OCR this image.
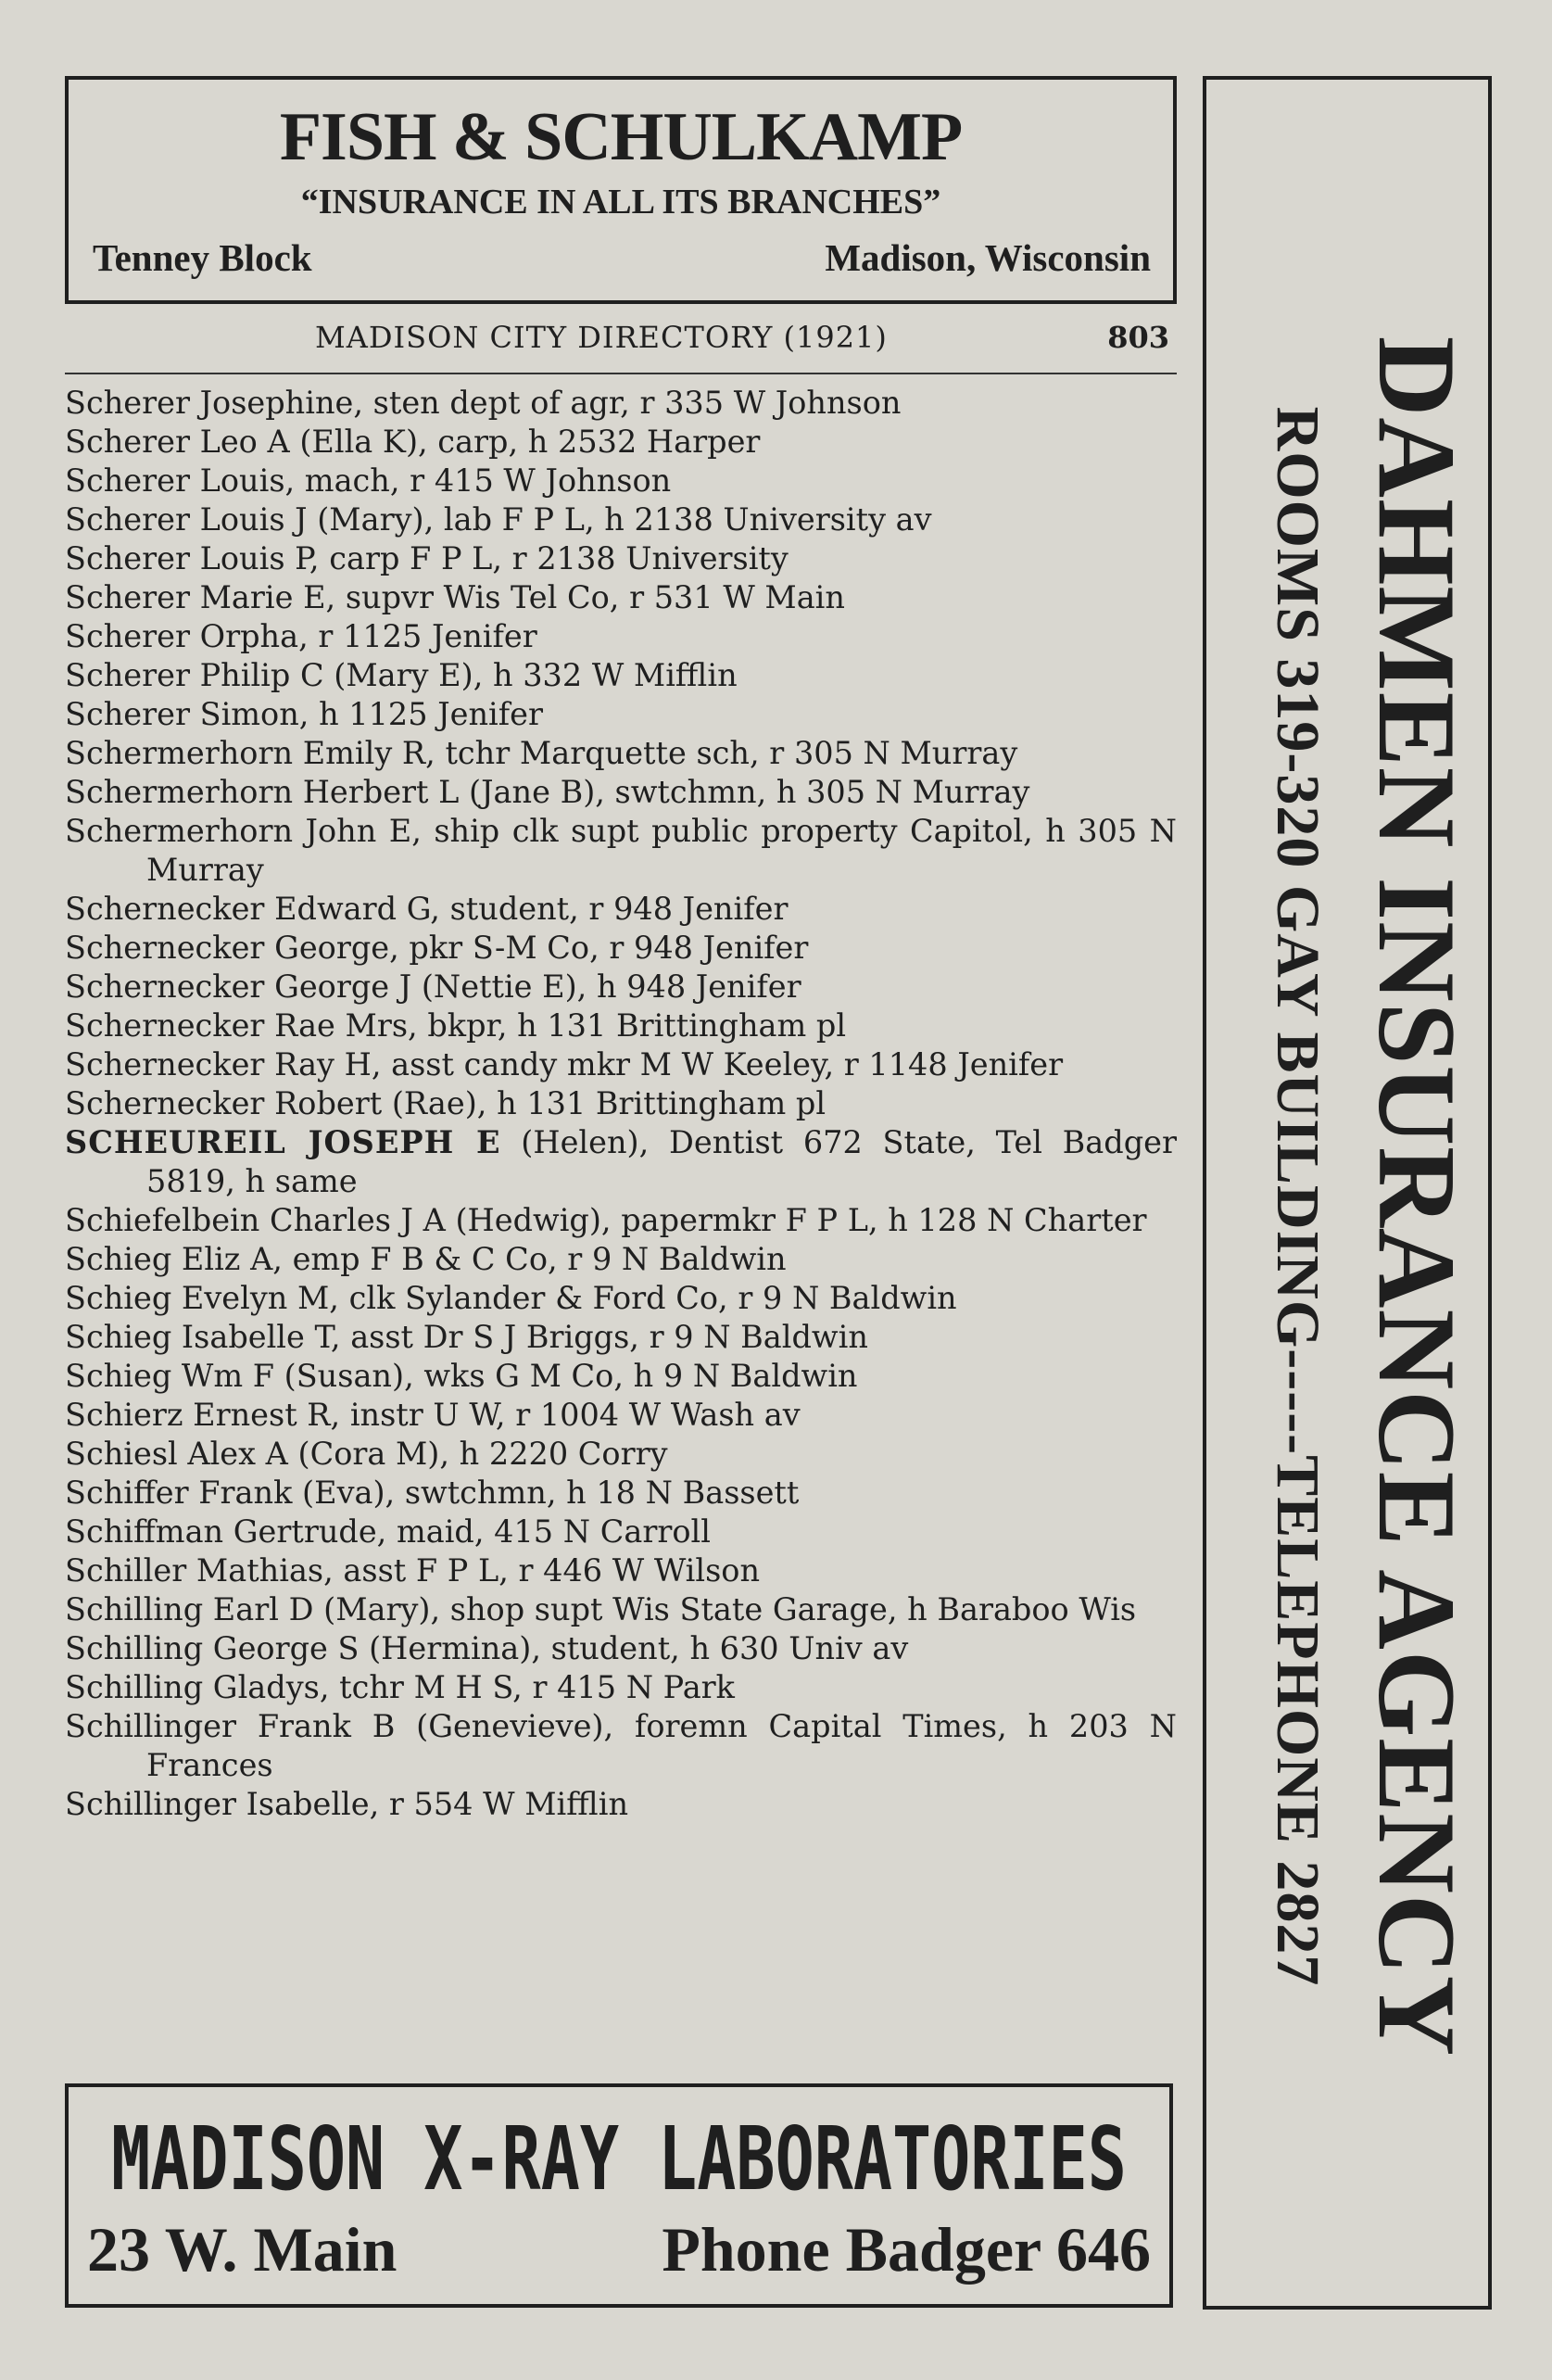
FISH & SCHULKAMP
“INSURANCE IN ALL ITS BRANCHES”
Tenney Block	Madison, Wisconsin
MADISON CITY DIRECTORY (1921)	803
Scherer Josephine, sten dept of agr, r 335 W Johnson
Scherer Leo A (Ella K), carp, h 2532 Harper
Scherer Louis, mach, r 415 W Johnson
Scherer Louis J (Mary), lab F P L, h 2138 University av
Scherer Louis P, carp F P L, r 2138 University
Scherer Marie E, supvr Wis Tel Co, r 531 W Main
Scherer Orpha, r 1125 Jenifer
Scherer Philip C (Mary E), h 332 W Mifflin
Scherer Simon, h 1125 Jenifer
Schermerhorn Emily R, tchr Marquette sch, r 305 N Murray
Schermerhorn Herbert L (Jane B), swtchmn, h 305 N Murray
Schermerhorn John E, ship clk supt public property Capitol, h 305 N Murray
Schernecker Edward G, student, r 948 Jenifer
Schernecker George, pkr S-M Co, r 948 Jenifer
Schernecker George J (Nettie E), h 948 Jenifer
Schernecker Rae Mrs, bkpr, h 131 Brittingham pl
Schernecker Ray H, asst candy mkr M W Keeley, r 1148 Jenifer
Schernecker Robert (Rae), h 131 Brittingham pl
SCHEUREIL JOSEPH E (Helen), Dentist 672 State, Tel Badger 5819, h same
Schiefelbein Charles J A (Hedwig), papermkr F P L, h 128 N Charter
Schieg Eliz A, emp F B & C Co, r 9 N Baldwin
Schieg Evelyn M, clk Sylander & Ford Co, r 9 N Baldwin
Schieg Isabelle T, asst Dr S J Briggs, r 9 N Baldwin
Schieg Wm F (Susan), wks G M Co, h 9 N Baldwin
Schierz Ernest R, instr U W, r 1004 W Wash av
Schiesl Alex A (Cora M), h 2220 Corry
Schiffer Frank (Eva), swtchmn, h 18 N Bassett
Schiffman Gertrude, maid, 415 N Carroll
Schiller Mathias, asst F P L, r 446 W Wilson
Schilling Earl D (Mary), shop supt Wis State Garage, h Baraboo Wis
Schilling George S (Hermina), student, h 630 Univ av
Schilling Gladys, tchr M H S, r 415 N Park
Schillinger Frank B (Genevieve), foremn Capital Times, h 203 N Frances
Schillinger Isabelle, r 554 W Mifflin
MADISON X-RAY LABORATORIES
23 W. Main	Phone Badger 646
DAHMEN INSURANCE AGENCY
ROOMS 319-320 GAY BUILDING-----TELEPHONE 2827
